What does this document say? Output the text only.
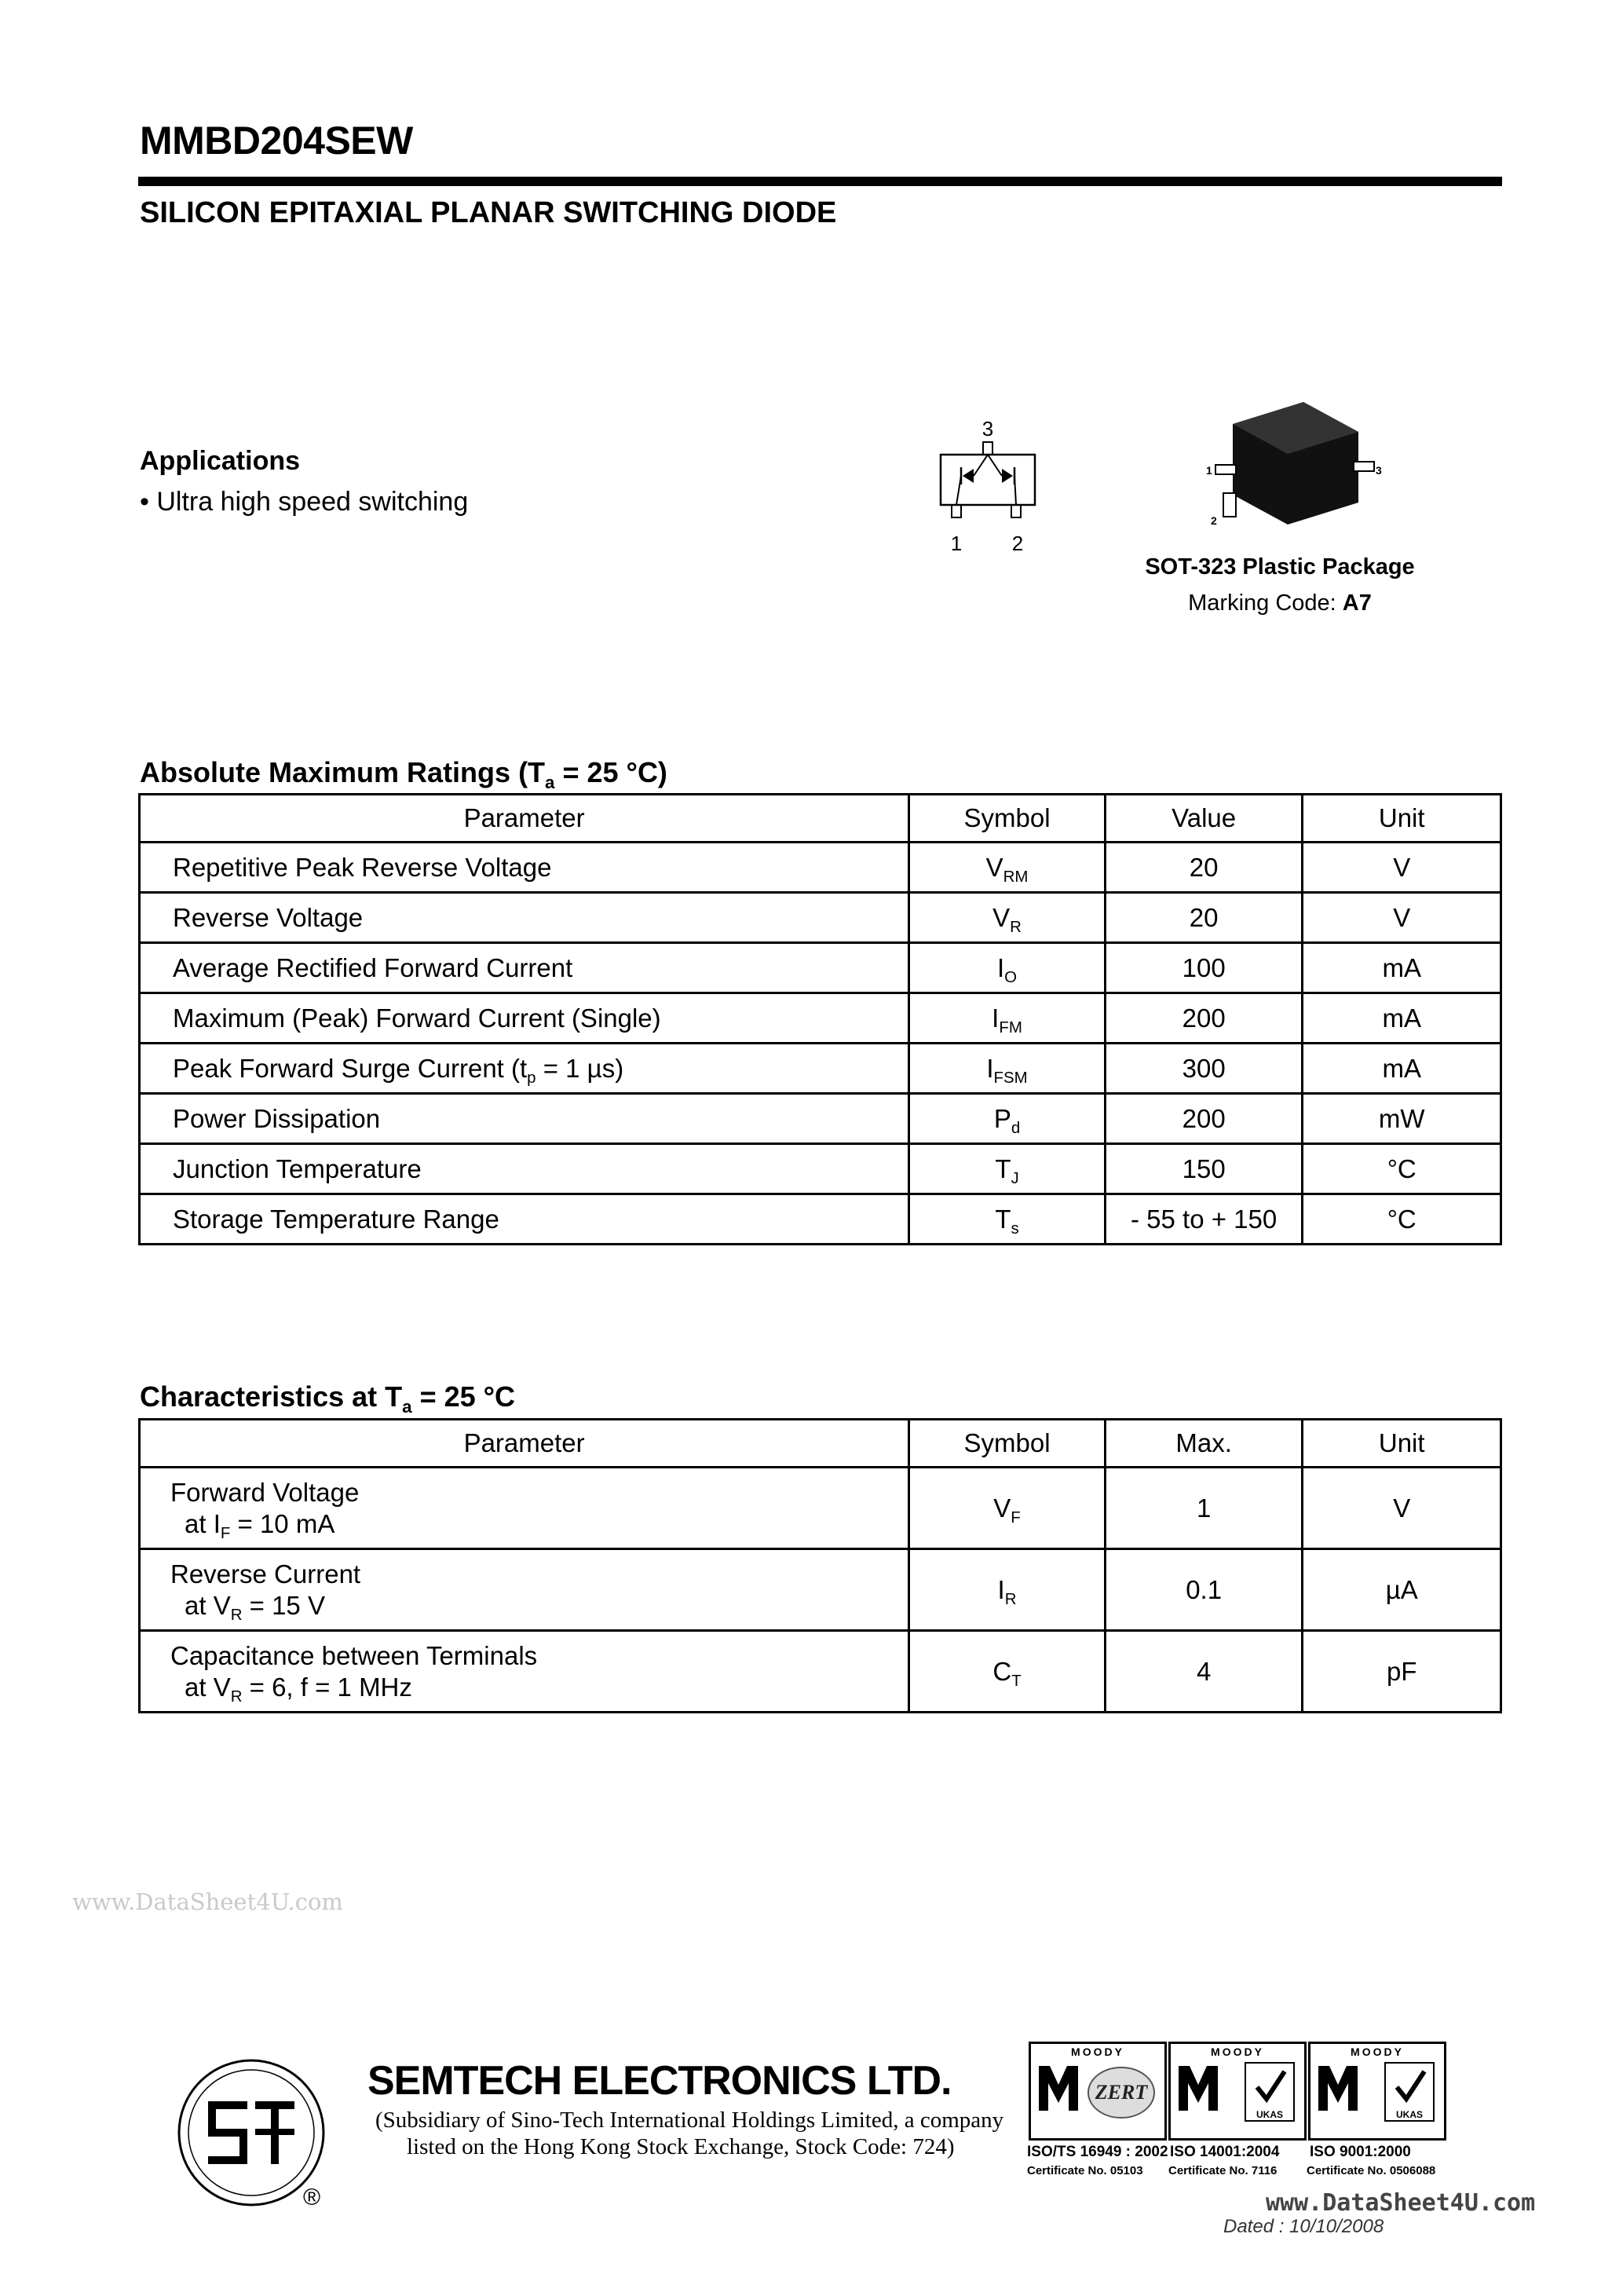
MMBD204SEW
SILICON EPITAXIAL PLANAR SWITCHING DIODE
Applications
• Ultra high speed switching
3
1 2
1
2
3
SOT-323 Plastic Package
Marking Code: A7
Absolute Maximum Ratings ($T_a = 25$ °C)
Parameter	Symbol	Value	Unit
Repetitive Peak Reverse Voltage	$V_{RM}$	20	V
Reverse Voltage	$V_R$	20	V
Average Rectified Forward Current	$I_O$	100	mA
Maximum (Peak) Forward Current (Single)	$I_{FM}$	200	mA
Peak Forward Surge Current ($t_p = 1$ µs)	$I_{FSM}$	300	mA
Power Dissipation	$P_d$	200	mW
Junction Temperature	$T_J$	150	°C
Storage Temperature Range	$T_s$	- 55 to + 150	°C
Characteristics at $T_a = 25$ °C
Parameter	Symbol	Max.	Unit
Forward Voltage
at $I_F = 10$ mA	$V_F$	1	V
Reverse Current
at $V_R = 15$ V	$I_R$	0.1	µA
Capacitance between Terminals
at $V_R = 6$, f = 1 MHz	$C_T$	4	pF
www.DataSheet4U.com
®
SEMTECH ELECTRONICS LTD.
(Subsidiary of Sino-Tech International Holdings Limited, a company
listed on the Hong Kong Stock Exchange, Stock Code: 724)
MOODY
ZERT
MOODY
UKAS
MOODY
UKAS
ISO/TS 16949 : 2002
Certificate No. 05103
ISO 14001:2004
Certificate No. 7116
ISO 9001:2000
Certificate No. 0506088
www.DataSheet4U.com
Dated : 10/10/2008
